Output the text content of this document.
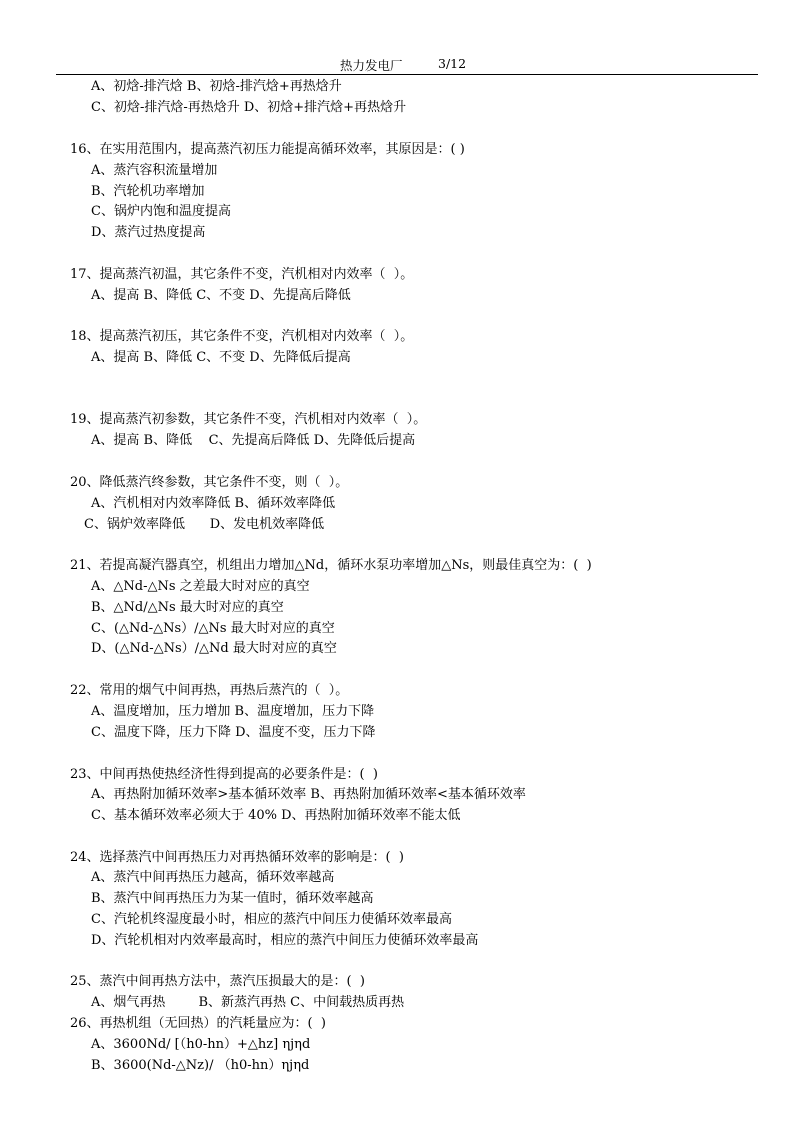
热力发电厂	3/12
A、初焓-排汽焓 B、初焓-排汽焓+再热焓升
C、初焓-排汽焓-再热焓升 D、初焓+排汽焓+再热焓升
16、在实用范围内，提高蒸汽初压力能提高循环效率，其原因是：( )
A、蒸汽容积流量增加
B、汽轮机功率增加
C、锅炉内饱和温度提高
D、蒸汽过热度提高
17、提高蒸汽初温，其它条件不变，汽机相对内效率（  ）。
A、提高 B、降低 C、不变 D、先提高后降低
18、提高蒸汽初压，其它条件不变，汽机相对内效率（  ）。
A、提高 B、降低 C、不变 D、先降低后提高
19、提高蒸汽初参数，其它条件不变，汽机相对内效率（  ）。
A、提高 B、降低    C、先提高后降低 D、先降低后提高
20、降低蒸汽终参数，其它条件不变，则（  ）。
A、汽机相对内效率降低 B、循环效率降低
C、锅炉效率降低      D、发电机效率降低
21、若提高凝汽器真空，机组出力增加△Nd，循环水泵功率增加△Ns，则最佳真空为：(  )
A、△Nd-△Ns 之差最大时对应的真空
B、△Nd/△Ns 最大时对应的真空
C、(△Nd-△Ns）/△Ns 最大时对应的真空
D、(△Nd-△Ns）/△Nd 最大时对应的真空
22、常用的烟气中间再热，再热后蒸汽的（  ）。
A、温度增加，压力增加 B、温度增加，压力下降
C、温度下降，压力下降 D、温度不变，压力下降
23、中间再热使热经济性得到提高的必要条件是：(  )
A、再热附加循环效率>基本循环效率 B、再热附加循环效率<基本循环效率
C、基本循环效率必须大于 40% D、再热附加循环效率不能太低
24、选择蒸汽中间再热压力对再热循环效率的影响是：(  )
A、蒸汽中间再热压力越高，循环效率越高
B、蒸汽中间再热压力为某一值时，循环效率越高
C、汽轮机终湿度最小时，相应的蒸汽中间压力使循环效率最高
D、汽轮机相对内效率最高时，相应的蒸汽中间压力使循环效率最高
25、蒸汽中间再热方法中，蒸汽压损最大的是：(  )
A、烟气再热        B、新蒸汽再热 C、中间载热质再热
26、再热机组（无回热）的汽耗量应为：(  )
A、3600Nd/ [（h0-hn）+△hz] ηjηd
B、3600(Nd-△Nz)/ （h0-hn）ηjηd
